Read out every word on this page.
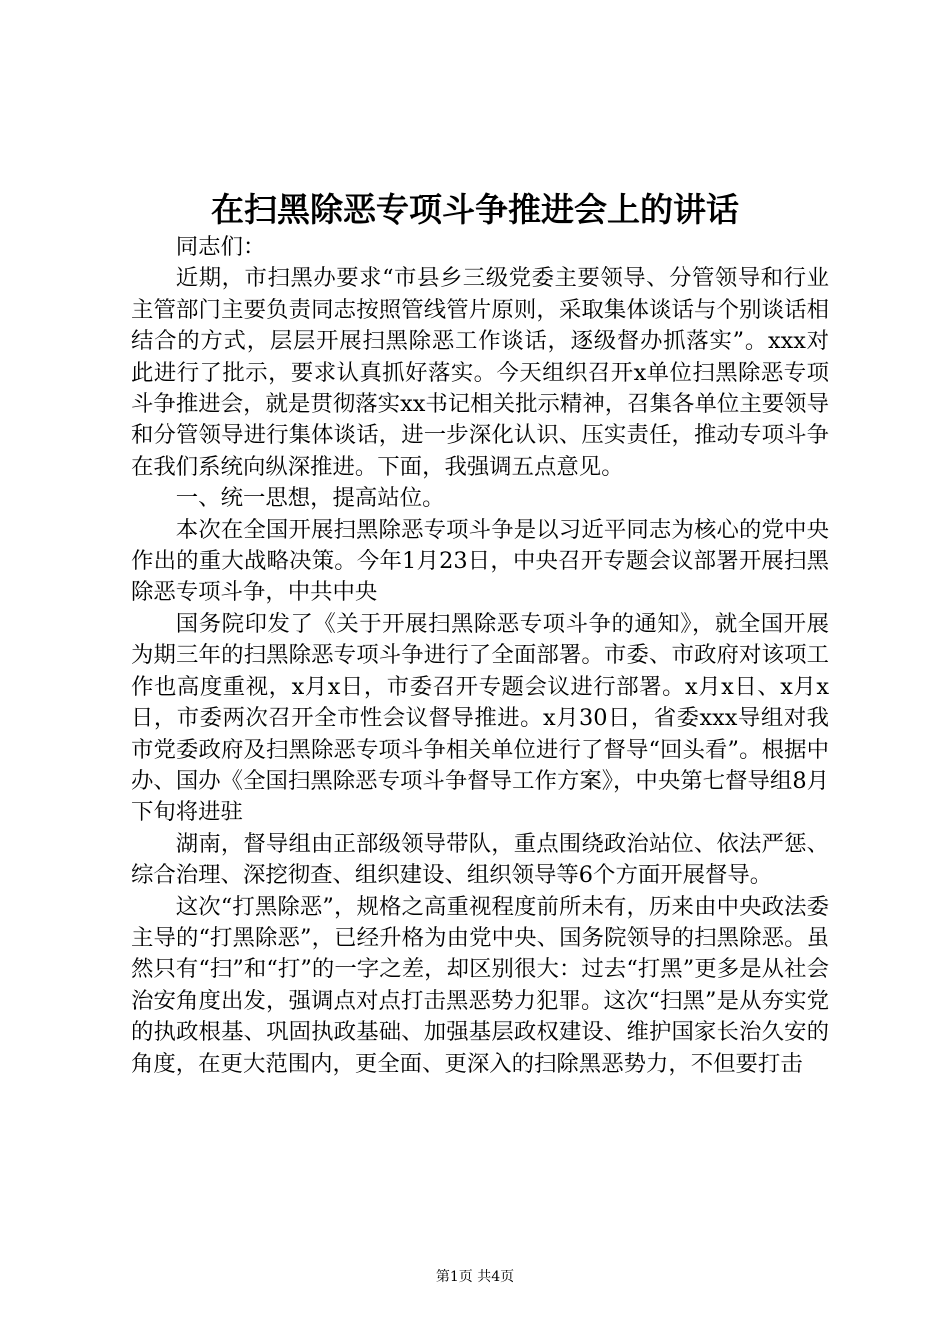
在扫黑除恶专项斗争推进会上的讲话

同志们：

近期，市扫黑办要求“市县乡三级党委主要领导、分管领导和行业主管部门主要负责同志按照管线管片原则，采取集体谈话与个别谈话相结合的方式，层层开展扫黑除恶工作谈话，逐级督办抓落实”。xxx对此进行了批示，要求认真抓好落实。今天组织召开x单位扫黑除恶专项斗争推进会，就是贯彻落实xx书记相关批示精神，召集各单位主要领导和分管领导进行集体谈话，进一步深化认识、压实责任，推动专项斗争在我们系统向纵深推进。下面，我强调五点意见。

一、统一思想，提高站位。

本次在全国开展扫黑除恶专项斗争是以习近平同志为核心的党中央作出的重大战略决策。今年1月23日，中央召开专题会议部署开展扫黑除恶专项斗争，中共中央

国务院印发了《关于开展扫黑除恶专项斗争的通知》，就全国开展为期三年的扫黑除恶专项斗争进行了全面部署。市委、市政府对该项工作也高度重视，x月x日，市委召开专题会议进行部署。x月x日、x月x日，市委两次召开全市性会议督导推进。x月30日，省委xxx导组对我市党委政府及扫黑除恶专项斗争相关单位进行了督导“回头看”。根据中办、国办《全国扫黑除恶专项斗争督导工作方案》，中央第七督导组8月下旬将进驻

湖南，督导组由正部级领导带队，重点围绕政治站位、依法严惩、综合治理、深挖彻查、组织建设、组织领导等6个方面开展督导。

这次“打黑除恶”，规格之高重视程度前所未有，历来由中央政法委主导的“打黑除恶”，已经升格为由党中央、国务院领导的扫黑除恶。虽然只有“扫”和“打”的一字之差，却区别很大：过去“打黑”更多是从社会治安角度出发，强调点对点打击黑恶势力犯罪。这次“扫黑”是从夯实党的执政根基、巩固执政基础、加强基层政权建设、维护国家长治久安的角度，在更大范围内，更全面、更深入的扫除黑恶势力，不但要打击

第1页 共4页
